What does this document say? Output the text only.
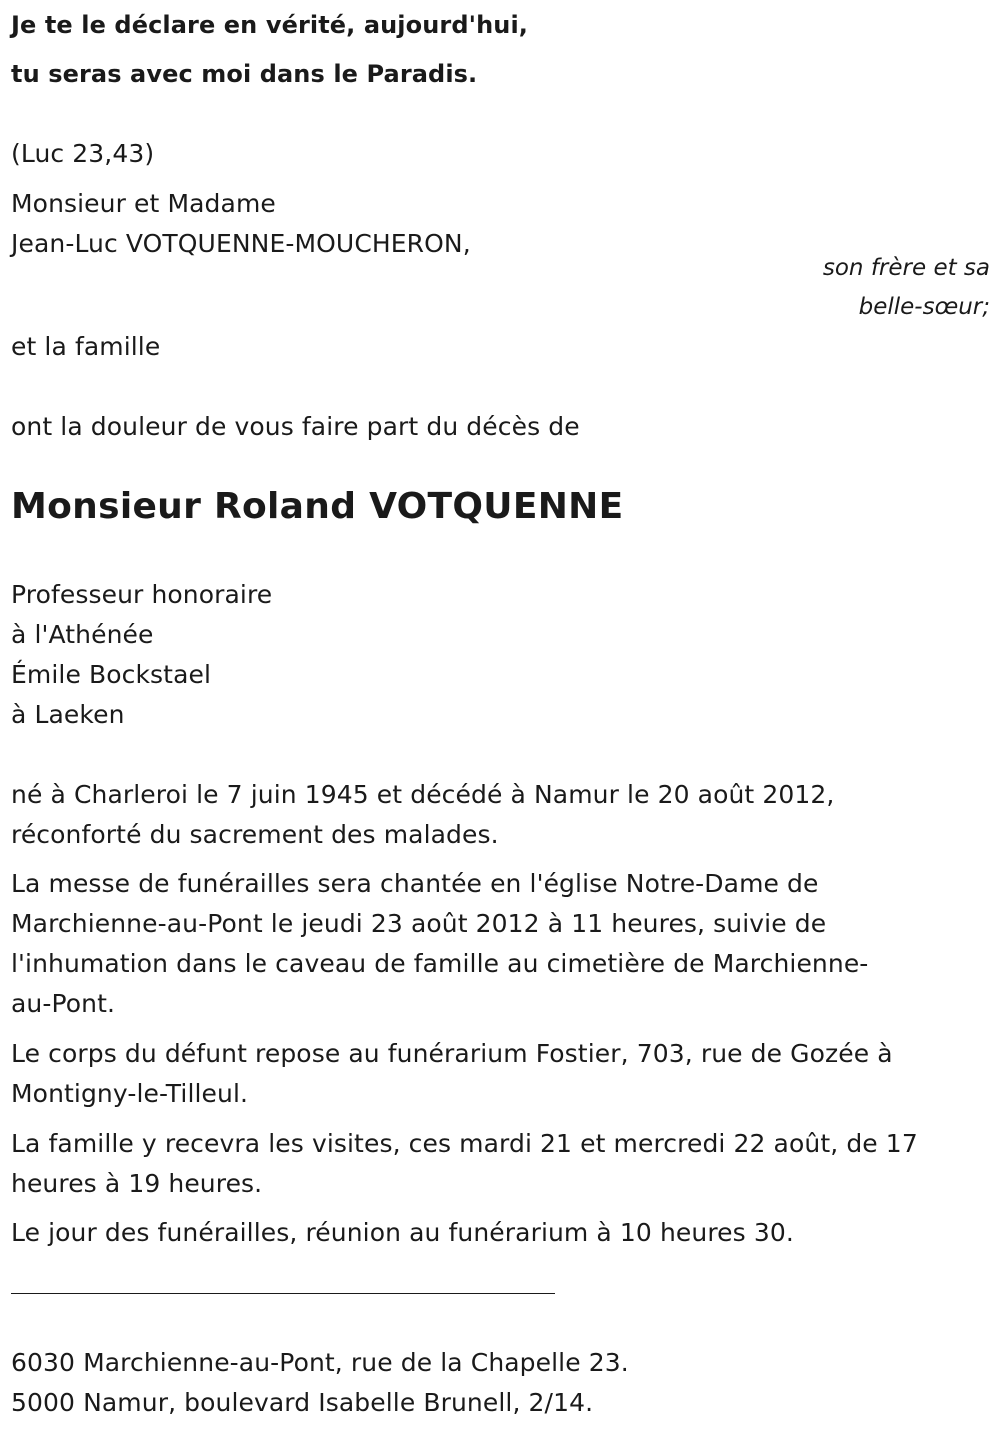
Je te le déclare en vérité, aujourd'hui,
tu seras avec moi dans le Paradis.
(Luc 23,43)
Monsieur et Madame
Jean-Luc VOTQUENNE-MOUCHERON,
son frère et sa
belle-sœur;
et la famille
ont la douleur de vous faire part du décès de
Monsieur Roland VOTQUENNE
Professeur honoraire
à l'Athénée
Émile Bockstael
à Laeken
né à Charleroi le 7 juin 1945 et décédé à Namur le 20 août 2012,
réconforté du sacrement des malades.
La messe de funérailles sera chantée en l'église Notre-Dame de
Marchienne-au-Pont le jeudi 23 août 2012 à 11 heures, suivie de
l'inhumation dans le caveau de famille au cimetière de Marchienne-
au-Pont.
Le corps du défunt repose au funérarium Fostier, 703, rue de Gozée à
Montigny-le-Tilleul.
La famille y recevra les visites, ces mardi 21 et mercredi 22 août, de 17
heures à 19 heures.
Le jour des funérailles, réunion au funérarium à 10 heures 30.
6030 Marchienne-au-Pont, rue de la Chapelle 23.
5000 Namur, boulevard Isabelle Brunell, 2/14.
